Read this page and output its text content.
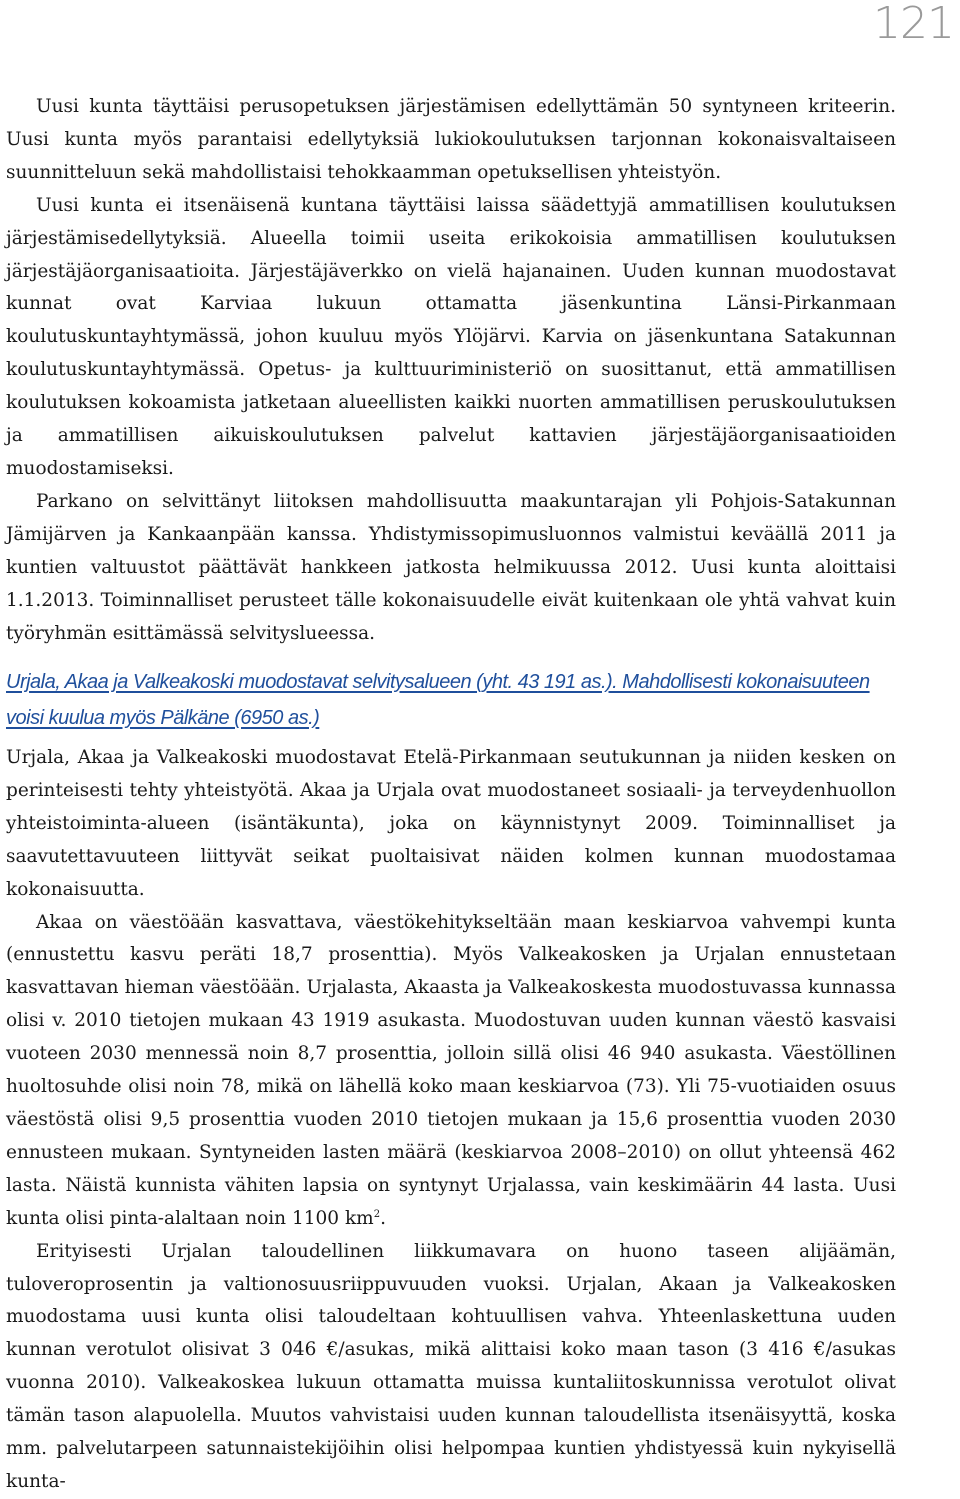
121

Uusi kunta täyttäisi perusopetuksen järjestämisen edellyttämän 50 syntyneen kriteerin. Uusi kunta myös parantaisi edellytyksiä lukiokoulutuksen tarjonnan kokonaisvaltaiseen suunnitteluun sekä mahdollistaisi tehokkaamman opetuksellisen yhteistyön.

Uusi kunta ei itsenäisenä kuntana täyttäisi laissa säädettyjä ammatillisen koulutuksen järjestämisedellytyksiä. Alueella toimii useita erikokoisia ammatillisen koulutuksen järjestäjäorganisaatioita. Järjestäjäverkko on vielä hajanainen. Uuden kunnan muodostavat kunnat ovat Karviaa lukuun ottamatta jäsenkuntina Länsi-Pirkanmaan koulutuskuntayhtymässä, johon kuuluu myös Ylöjärvi. Karvia on jäsenkuntana Satakunnan koulutuskuntayhtymässä. Opetus- ja kulttuuriministeriö on suosittanut, että ammatillisen koulutuksen kokoamista jatketaan alueellisten kaikki nuorten ammatillisen peruskoulutuksen ja ammatillisen aikuiskoulutuksen palvelut kattavien järjestäjäorganisaatioiden muodostamiseksi.

Parkano on selvittänyt liitoksen mahdollisuutta maakuntarajan yli Pohjois-Satakunnan Jämijärven ja Kankaanpään kanssa. Yhdistymissopimusluonnos valmistui keväällä 2011 ja kuntien valtuustot päättävät hankkeen jatkosta helmikuussa 2012. Uusi kunta aloittaisi 1.1.2013. Toiminnalliset perusteet tälle kokonaisuudelle eivät kuitenkaan ole yhtä vahvat kuin työryhmän esittämässä selvityslueessa.

Urjala, Akaa ja Valkeakoski muodostavat selvitysalueen (yht. 43 191 as.). Mahdollisesti kokonaisuuteen voisi kuulua myös Pälkäne (6950 as.)

Urjala, Akaa ja Valkeakoski muodostavat Etelä-Pirkanmaan seutukunnan ja niiden kesken on perinteisesti tehty yhteistyötä. Akaa ja Urjala ovat muodostaneet sosiaali- ja terveydenhuollon yhteistoiminta-alueen (isäntäkunta), joka on käynnistynyt 2009. Toiminnalliset ja saavutettavuuteen liittyvät seikat puoltaisivat näiden kolmen kunnan muodostamaa kokonaisuutta.

Akaa on väestöään kasvattava, väestökehitykseltään maan keskiarvoa vahvempi kunta (ennustettu kasvu peräti 18,7 prosenttia). Myös Valkeakosken ja Urjalan ennustetaan kasvattavan hieman väestöään. Urjalasta, Akaasta ja Valkeakoskesta muodostuvassa kunnassa olisi v. 2010 tietojen mukaan 43 1919 asukasta. Muodostuvan uuden kunnan väestö kasvaisi vuoteen 2030 mennessä noin 8,7 prosenttia, jolloin sillä olisi 46 940 asukasta. Väestöllinen huoltosuhde olisi noin 78, mikä on lähellä koko maan keskiarvoa (73). Yli 75-vuotiaiden osuus väestöstä olisi 9,5 prosenttia vuoden 2010 tietojen mukaan ja 15,6 prosenttia vuoden 2030 ennusteen mukaan. Syntyneiden lasten määrä (keskiarvoa 2008–2010) on ollut yhteensä 462 lasta. Näistä kunnista vähiten lapsia on syntynyt Urjalassa, vain keskimäärin 44 lasta. Uusi kunta olisi pinta-alaltaan noin 1100 $km^2$.

Erityisesti Urjalan taloudellinen liikkumavara on huono taseen alijäämän, tuloveroprosentin ja valtionosuusriippuvuuden vuoksi. Urjalan, Akaan ja Valkeakosken muodostama uusi kunta olisi taloudeltaan kohtuullisen vahva. Yhteenlaskettuna uuden kunnan verotulot olisivat 3 046 €/asukas, mikä alittaisi koko maan tason (3 416 €/asukas vuonna 2010). Valkeakoskea lukuun ottamatta muissa kuntaliitoskunnissa verotulot olivat tämän tason alapuolella. Muutos vahvistaisi uuden kunnan taloudellista itsenäisyyttä, koska mm. palvelutarpeen satunnaistekijöihin olisi helpompaa kuntien yhdistyessä kuin nykyisellä kunta-
